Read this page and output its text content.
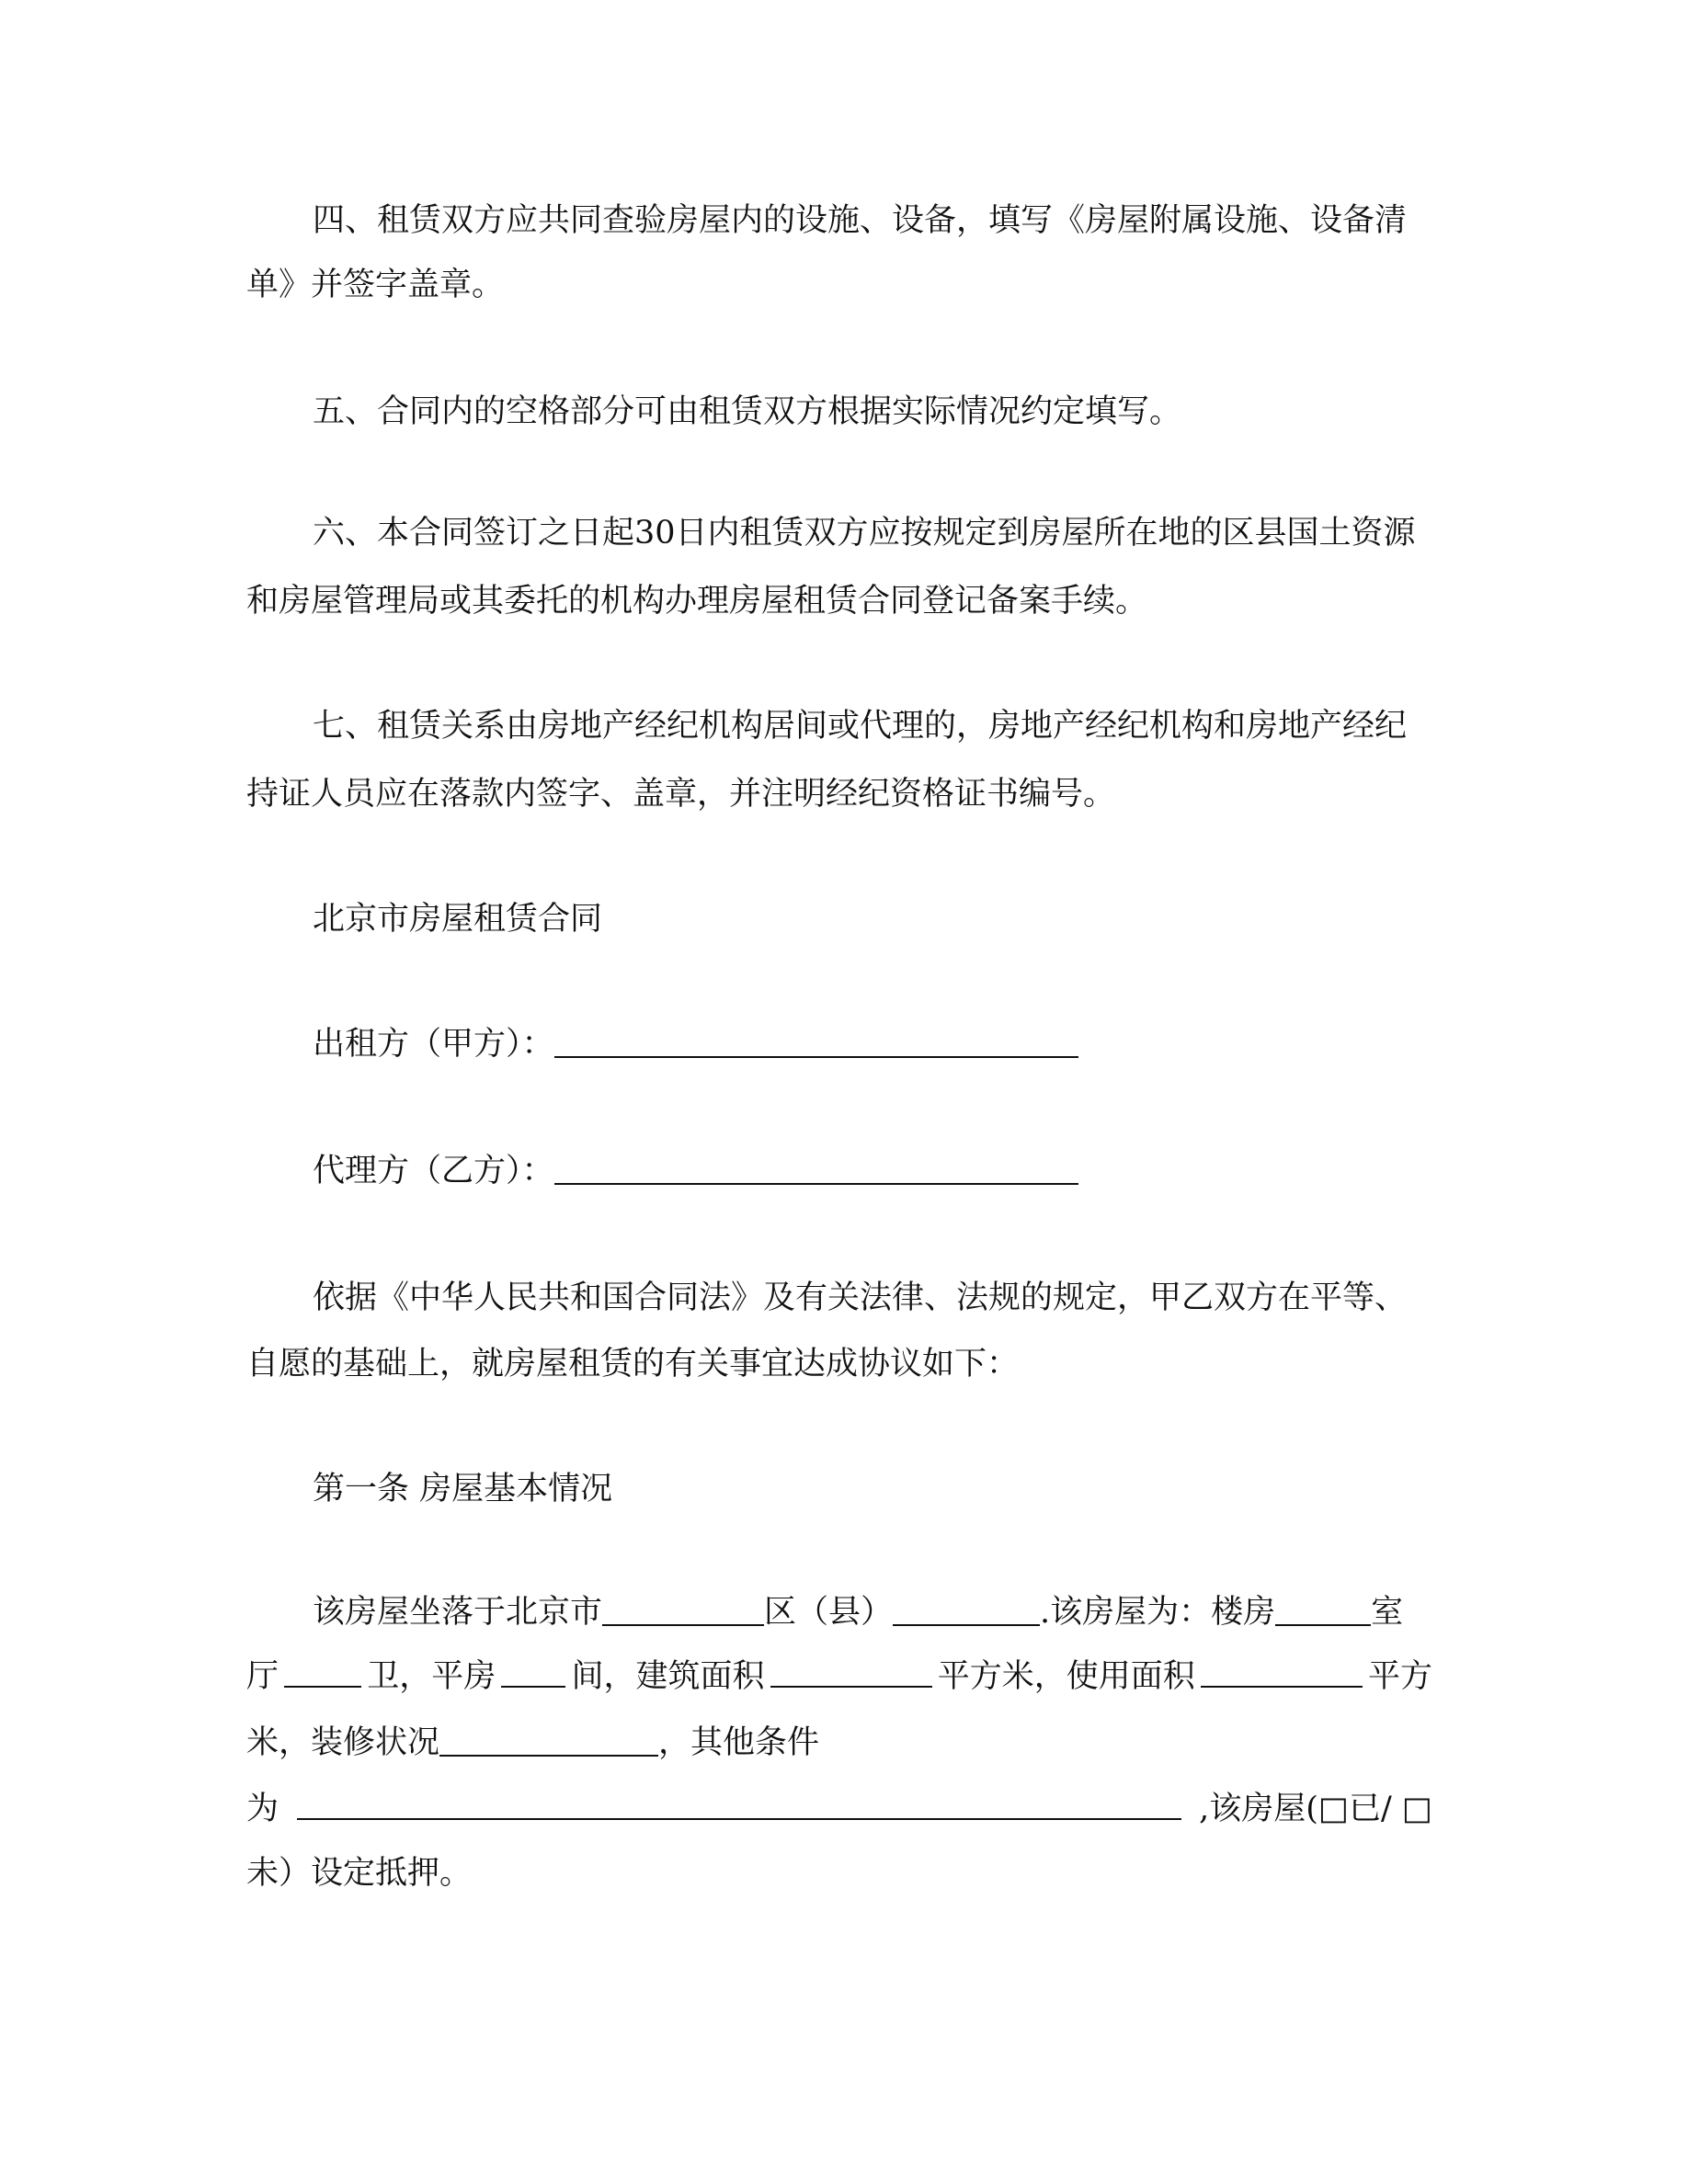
四、租赁双方应共同查验房屋内的设施、设备，填写《房屋附属设施、设备清
单》并签字盖章。
五、合同内的空格部分可由租赁双方根据实际情况约定填写。
六、本合同签订之日起30日内租赁双方应按规定到房屋所在地的区县国土资源
和房屋管理局或其委托的机构办理房屋租赁合同登记备案手续。
七、租赁关系由房地产经纪机构居间或代理的，房地产经纪机构和房地产经纪
持证人员应在落款内签字、盖章，并注明经纪资格证书编号。
北京市房屋租赁合同
出租方（甲方）：
代理方（乙方）：
依据《中华人民共和国合同法》及有关法律、法规的规定，甲乙双方在平等、
自愿的基础上，就房屋租赁的有关事宜达成协议如下：
第一条 房屋基本情况
该房屋坐落于北京市	区（县）	.该房屋为：楼房	室
厅	卫，平房 间，建筑面积	平方米，使用面积	平方
米，装修状况	，其他条件
为	,该房屋(□已/ □
未）设定抵押。
